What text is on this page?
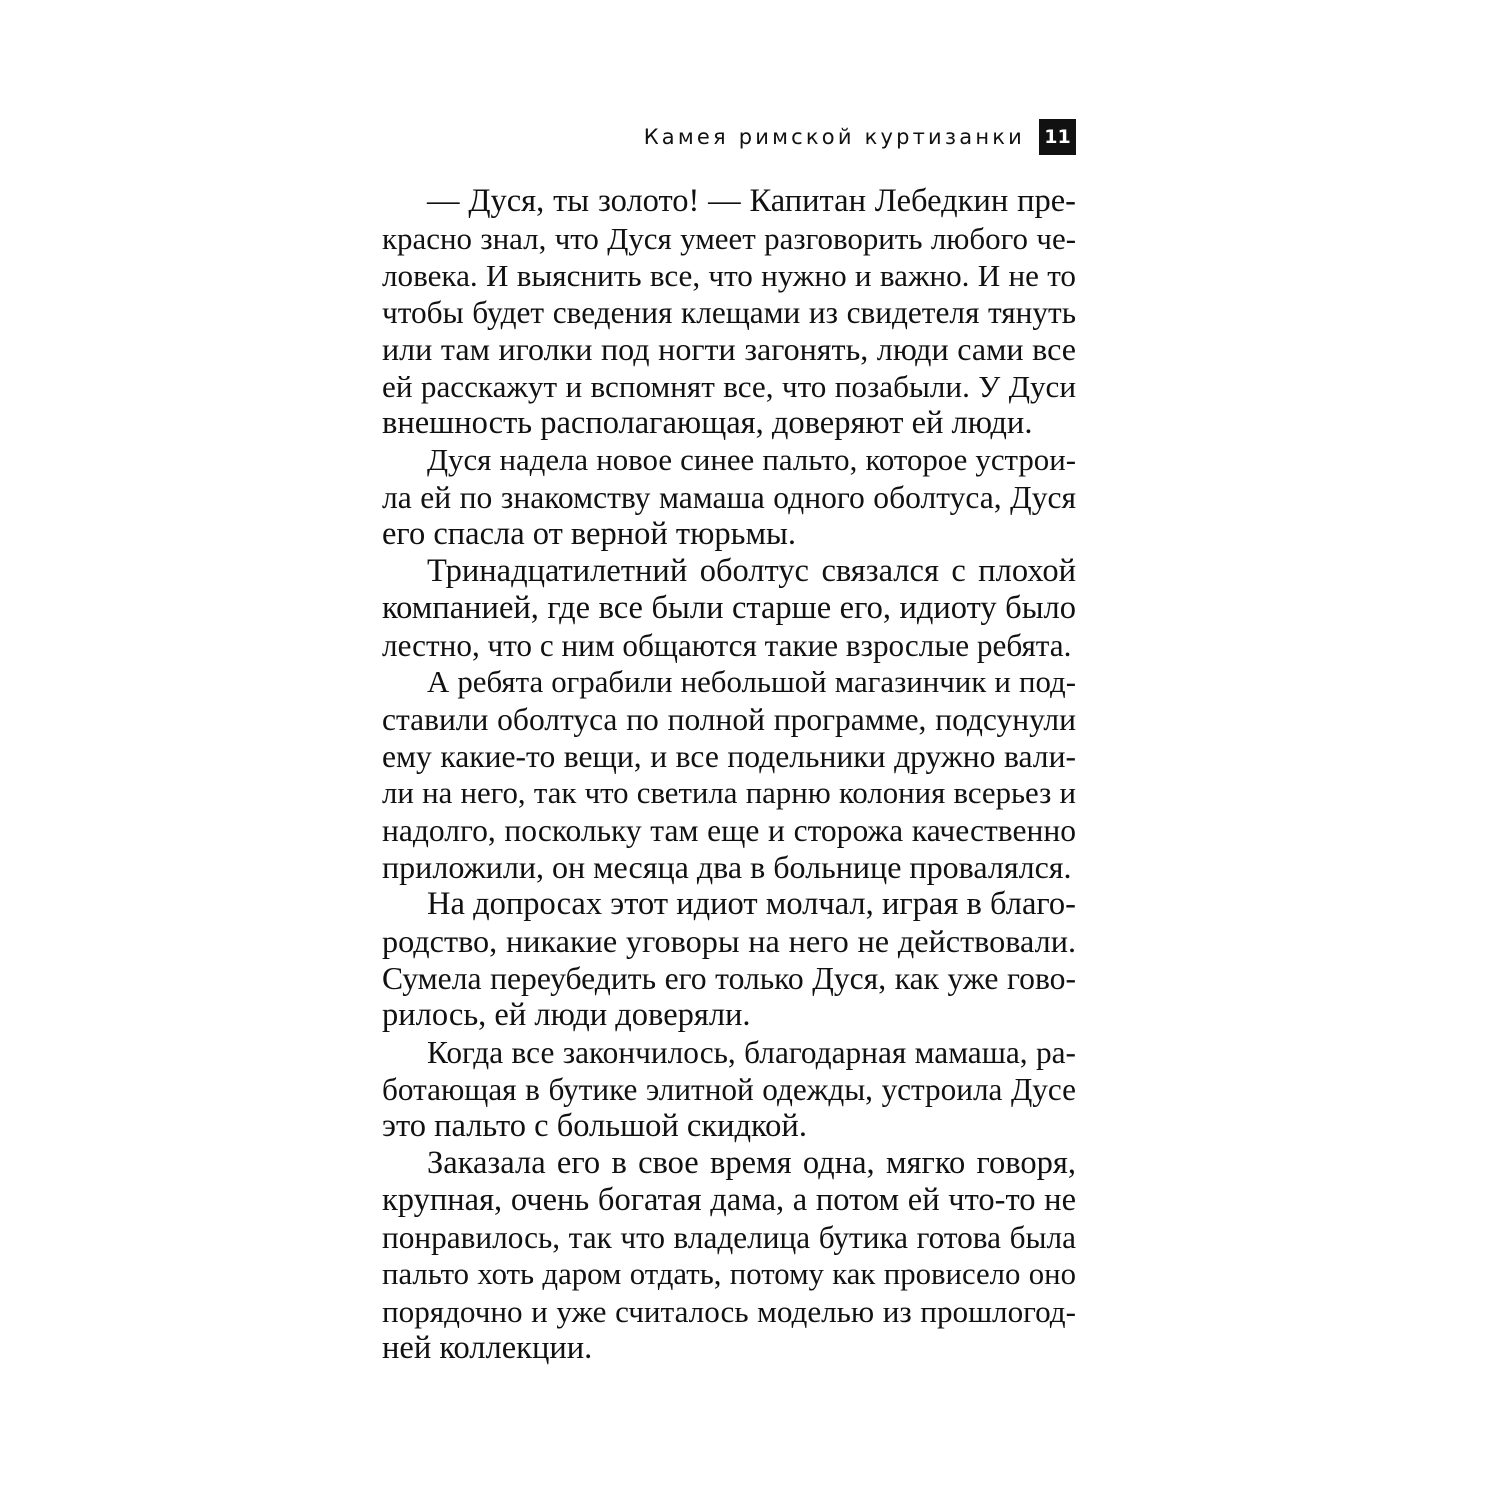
Камея римской куртизанки 11
— Дуся, ты золото! — Капитан Лебедкин пре-
красно знал, что Дуся умеет разговорить любого че-
ловека. И выяснить все, что нужно и важно. И не то
чтобы будет сведения клещами из свидетеля тянуть
или там иголки под ногти загонять, люди сами все
ей расскажут и вспомнят все, что позабыли. У Дуси
внешность располагающая, доверяют ей люди.
Дуся надела новое синее пальто, которое устрои-
ла ей по знакомству мамаша одного оболтуса, Дуся
его спасла от верной тюрьмы.
Тринадцатилетний оболтус связался с плохой
компанией, где все были старше его, идиоту было
лестно, что с ним общаются такие взрослые ребята.
А ребята ограбили небольшой магазинчик и под-
ставили оболтуса по полной программе, подсунули
ему какие-то вещи, и все подельники дружно вали-
ли на него, так что светила парню колония всерьез и
надолго, поскольку там еще и сторожа качественно
приложили, он месяца два в больнице провалялся.
На допросах этот идиот молчал, играя в благо-
родство, никакие уговоры на него не действовали.
Сумела переубедить его только Дуся, как уже гово-
рилось, ей люди доверяли.
Когда все закончилось, благодарная мамаша, ра-
ботающая в бутике элитной одежды, устроила Дусе
это пальто с большой скидкой.
Заказала его в свое время одна, мягко говоря,
крупная, очень богатая дама, а потом ей что-то не
понравилось, так что владелица бутика готова была
пальто хоть даром отдать, потому как провисело оно
порядочно и уже считалось моделью из прошлогод-
ней коллекции.
